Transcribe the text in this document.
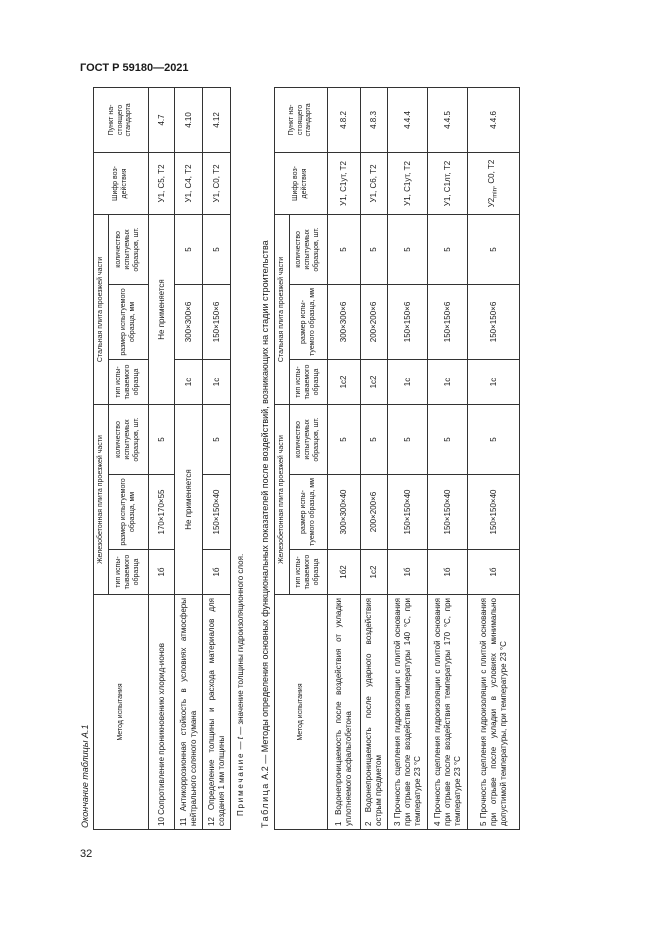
ГОСТ Р 59180—2021
32
Окончание таблицы А.1
Метод испытания	Железобетонная плита проезжей части			Стальная плита проезжей части			Шифр воз-действия	Пункт на-стоящего стандарта
	тип испы-тываемого образца	размер испытуемого образца, мм	количество испытуемых образцов, шт.	тип испы-тываемого образца	размер испытуемого образца, мм	количество испытуемых образцов, шт.		
10 Сопротивление проникновению хлорид-ионов	1б	170×170×55	5	Не применяется			У1, С5, Т2	4.7
11 Антикоррозионная стойкость в условиях атмосферы нейтрального соляного тумана	Не применяется			1с	300×300×6	5	У1, С4, Т2	4.10
12 Определение толщины и расхода материалов для создания 1 мм толщины	1б	150×150×40	5	1с	150×150×6	5	У1, С0, Т2	4.12
Примечание — t — значение толщины гидроизоляционного слоя.
Таблица А.2 — Методы определения основных функциональных показателей после воздействий, возникающих на стадии строительства	Метод испытания	Железобетонная плита проезжей части			Стальная плита проезжей части			Шифр воз-действия	Пункт на-стоящего стандарта
	тип испы-тываемого образца	размер испы-туемого образца, мм	количество испытуемых образцов, шт.	тип испы-тываемого образца	размер испы-туемого образца, мм	количество испытуемых образцов, шт.		
1 Водонепроницаемость после воздействия от укладки уплотняемого асфальтобетона	1б2	300×300×40	5	1с2	300×300×6	5	У1, С1ут, Т2	4.8.2
2 Водонепроницаемость после ударного воздействия острым предметом	1с2	200×200×6	5	1с2	200×200×6	5	У1, С6, Т2	4.8.3
3 Прочность сцепления гидроизоляции с плитой основания при отрыве после воздействия температуры 140 °С, при температуре 23 °С	1б	150×150×40	5	1с	150×150×6	5	У1, С1ут, Т2	4.4.4
4 Прочность сцепления гидроизоляции с плитой основания при отрыве после воздействия температуры 170 °С, при температуре 23 °С	1б	150×150×40	5	1с	150×150×6	5	У1, С1лт, Т2	4.4.5
5 Прочность сцепления гидроизоляции с плитой основания при отрыве после укладки в условиях минимально допустимой температуры, при температуре 23 °С	1б	150×150×40	5	1с	150×150×6	5	$У2_{min}$, С0, Т2	4.4.6
